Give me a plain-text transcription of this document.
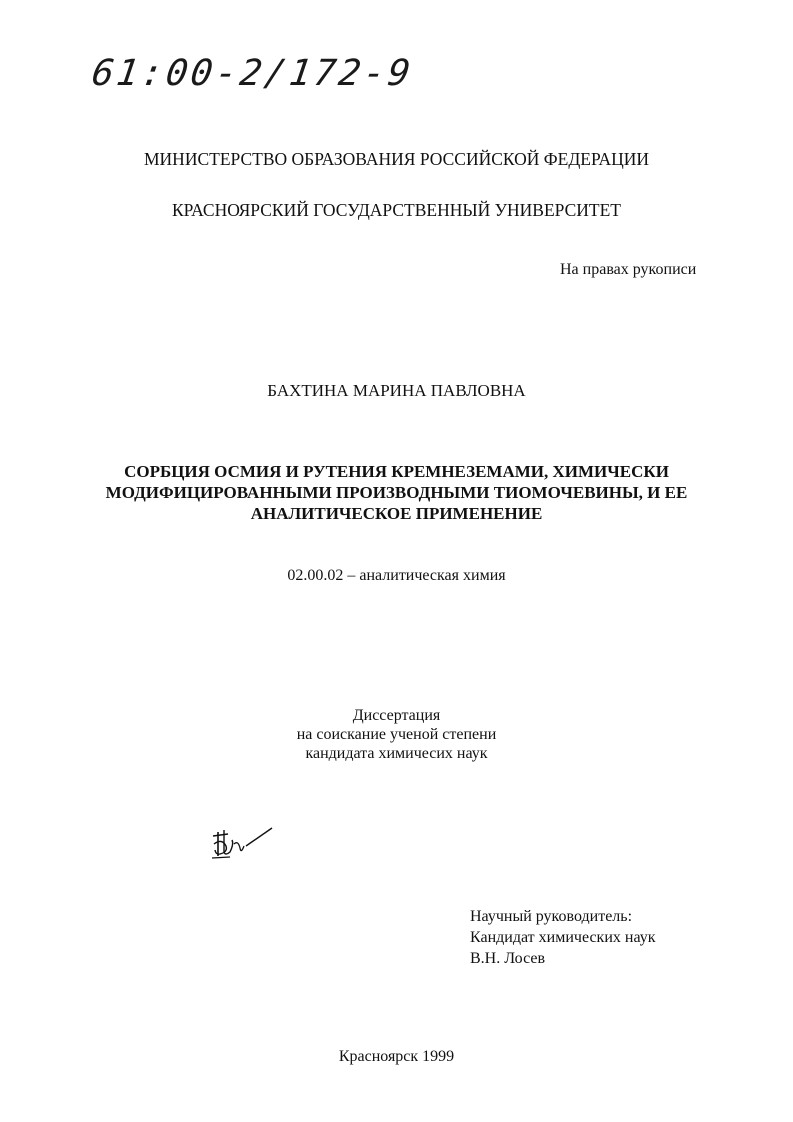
61:00-2/172-9
МИНИСТЕРСТВО ОБРАЗОВАНИЯ РОССИЙСКОЙ ФЕДЕРАЦИИ
КРАСНОЯРСКИЙ ГОСУДАРСТВЕННЫЙ УНИВЕРСИТЕТ
На правах рукописи
БАХТИНА МАРИНА ПАВЛОВНА
СОРБЦИЯ ОСМИЯ И РУТЕНИЯ КРЕМНЕЗЕМАМИ, ХИМИЧЕСКИ
МОДИФИЦИРОВАННЫМИ ПРОИЗВОДНЫМИ ТИОМОЧЕВИНЫ, И ЕЕ
АНАЛИТИЧЕСКОЕ ПРИМЕНЕНИЕ
02.00.02 – аналитическая химия
Диссертация
на соискание ученой степени
кандидата химичесих наук
Научный руководитель:
Кандидат химических наук
В.Н. Лосев
Красноярск 1999
